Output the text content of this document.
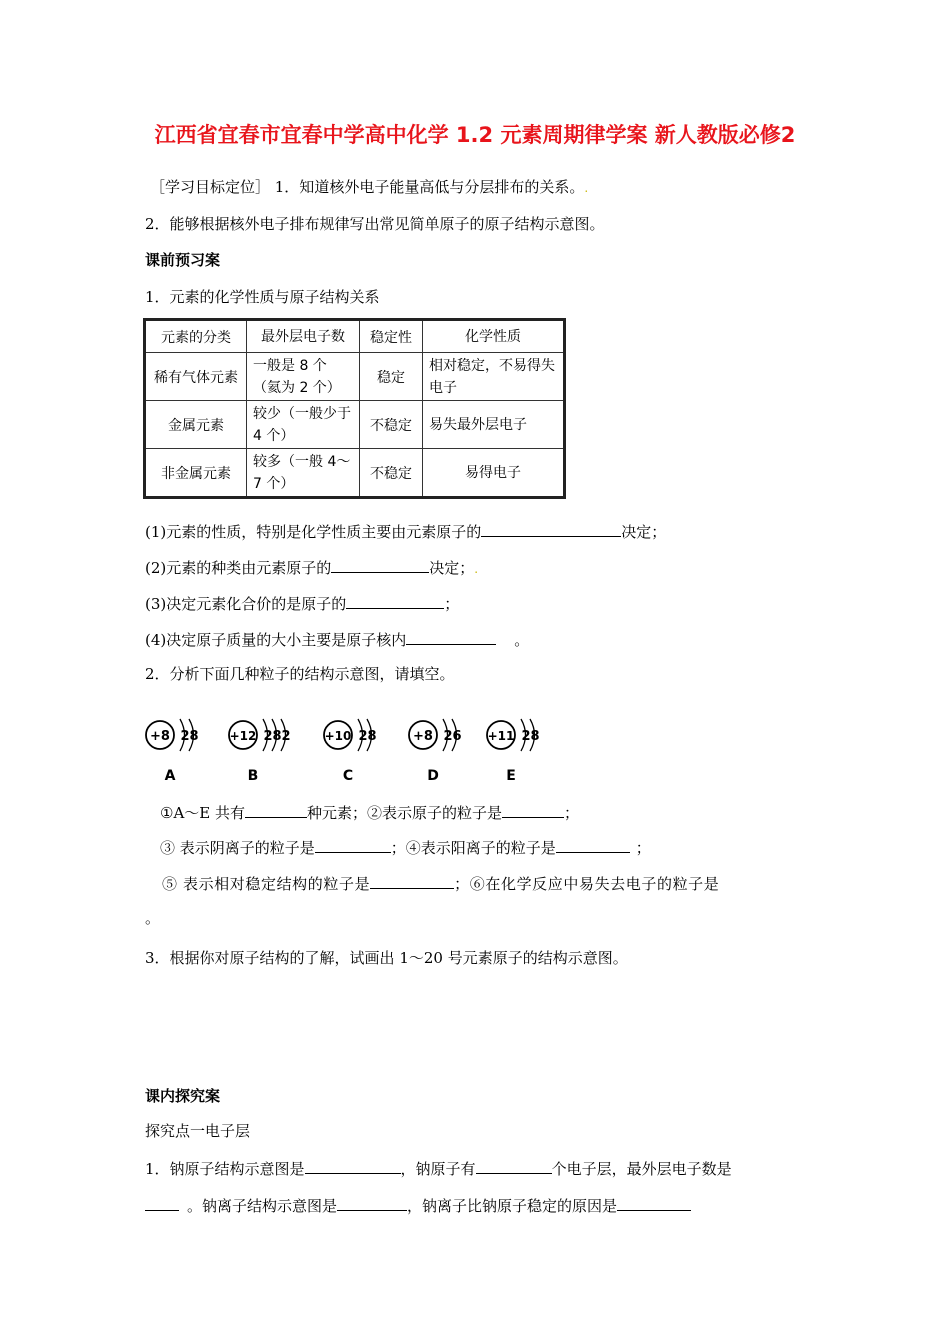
江西省宜春市宜春中学高中化学 1.2 元素周期律学案 新人教版必修2
［学习目标定位］ 1．知道核外电子能量高低与分层排布的关系。.
2．能够根据核外电子排布规律写出常见简单原子的原子结构示意图。
课前预习案
1．元素的化学性质与原子结构关系
元素的分类	最外层电子数	稳定性	化学性质
稀有气体元素	一般是 8 个（氦为 2 个）	稳定	相对稳定，不易得失电子
金属元素	较少（一般少于 4 个）	不稳定	易失最外层电子
非金属元素	较多（一般 4～7 个）	不稳定	易得电子
(1)元素的性质，特别是化学性质主要由元素原子的	决定；
(2)元素的种类由元素原子的	决定；.
(3)决定元素化合价的是原子的	；
(4)决定原子质量的大小主要是原子核内	。
2．分析下面几种粒子的结构示意图，请填空。
+8 2 8
A
+12 2 8 2
B
+10 2 8
C
+8 2 6
D
+11 2 8
E
①A～E 共有	种元素；②表示原子的粒子是	；
③ 表示阴离子的粒子是	；④表示阳离子的粒子是	；
⑤ 表示相对稳定结构的粒子是	；⑥在化学反应中易失去电子的粒子是
。
3．根据你对原子结构的了解，试画出 1～20 号元素原子的结构示意图。
课内探究案
探究点一电子层
1．钠原子结构示意图是	，钠原子有	个电子层，最外层电子数是
。钠离子结构示意图是	，钠离子比钠原子稳定的原因是
